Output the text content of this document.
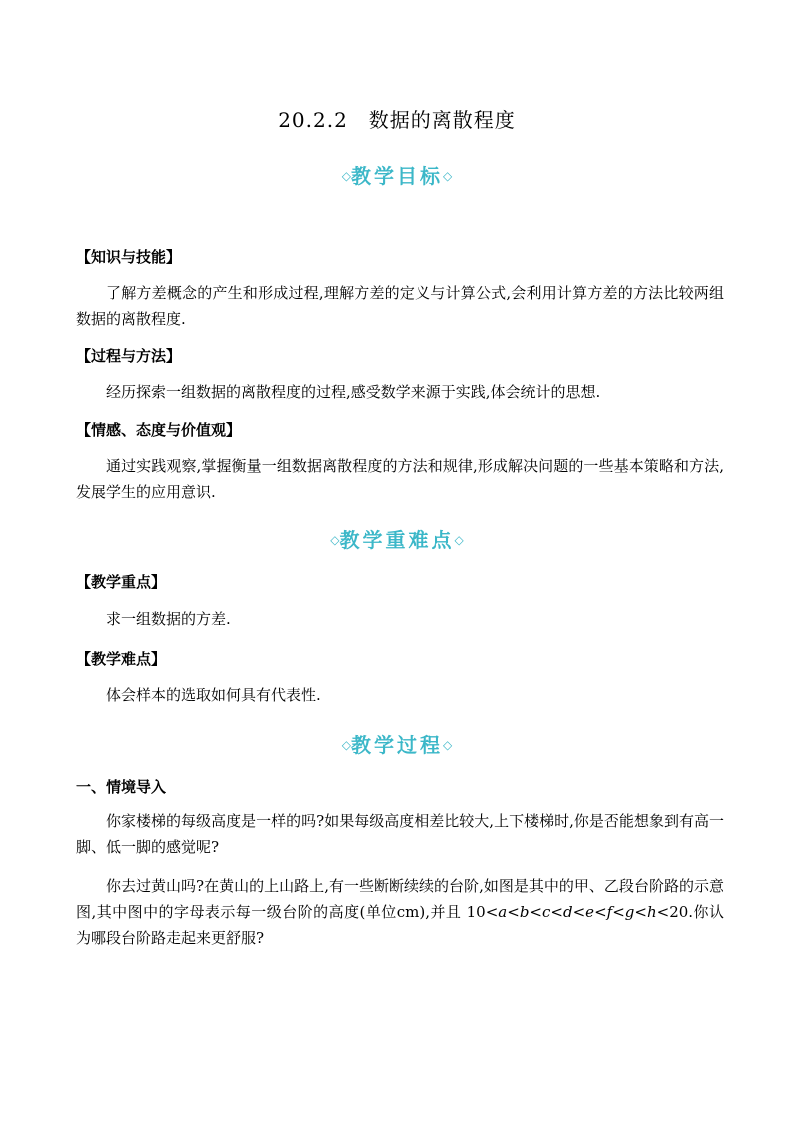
20.2.2　数据的离散程度
◇教学目标◇
【知识与技能】
了解方差概念的产生和形成过程,理解方差的定义与计算公式,会利用计算方差的方法比较两组数据的离散程度.
【过程与方法】
经历探索一组数据的离散程度的过程,感受数学来源于实践,体会统计的思想.
【情感、态度与价值观】
通过实践观察,掌握衡量一组数据离散程度的方法和规律,形成解决问题的一些基本策略和方法,发展学生的应用意识.
◇教学重难点◇
【教学重点】
求一组数据的方差.
【教学难点】
体会样本的选取如何具有代表性.
◇教学过程◇
一、情境导入
你家楼梯的每级高度是一样的吗?如果每级高度相差比较大,上下楼梯时,你是否能想象到有高一脚、低一脚的感觉呢?
你去过黄山吗?在黄山的上山路上,有一些断断续续的台阶,如图是其中的甲、乙段台阶路的示意图,其中图中的字母表示每一级台阶的高度(单位cm),并且 10<a<b<c<d<e<f<g<h<20.你认为哪段台阶路走起来更舒服?
